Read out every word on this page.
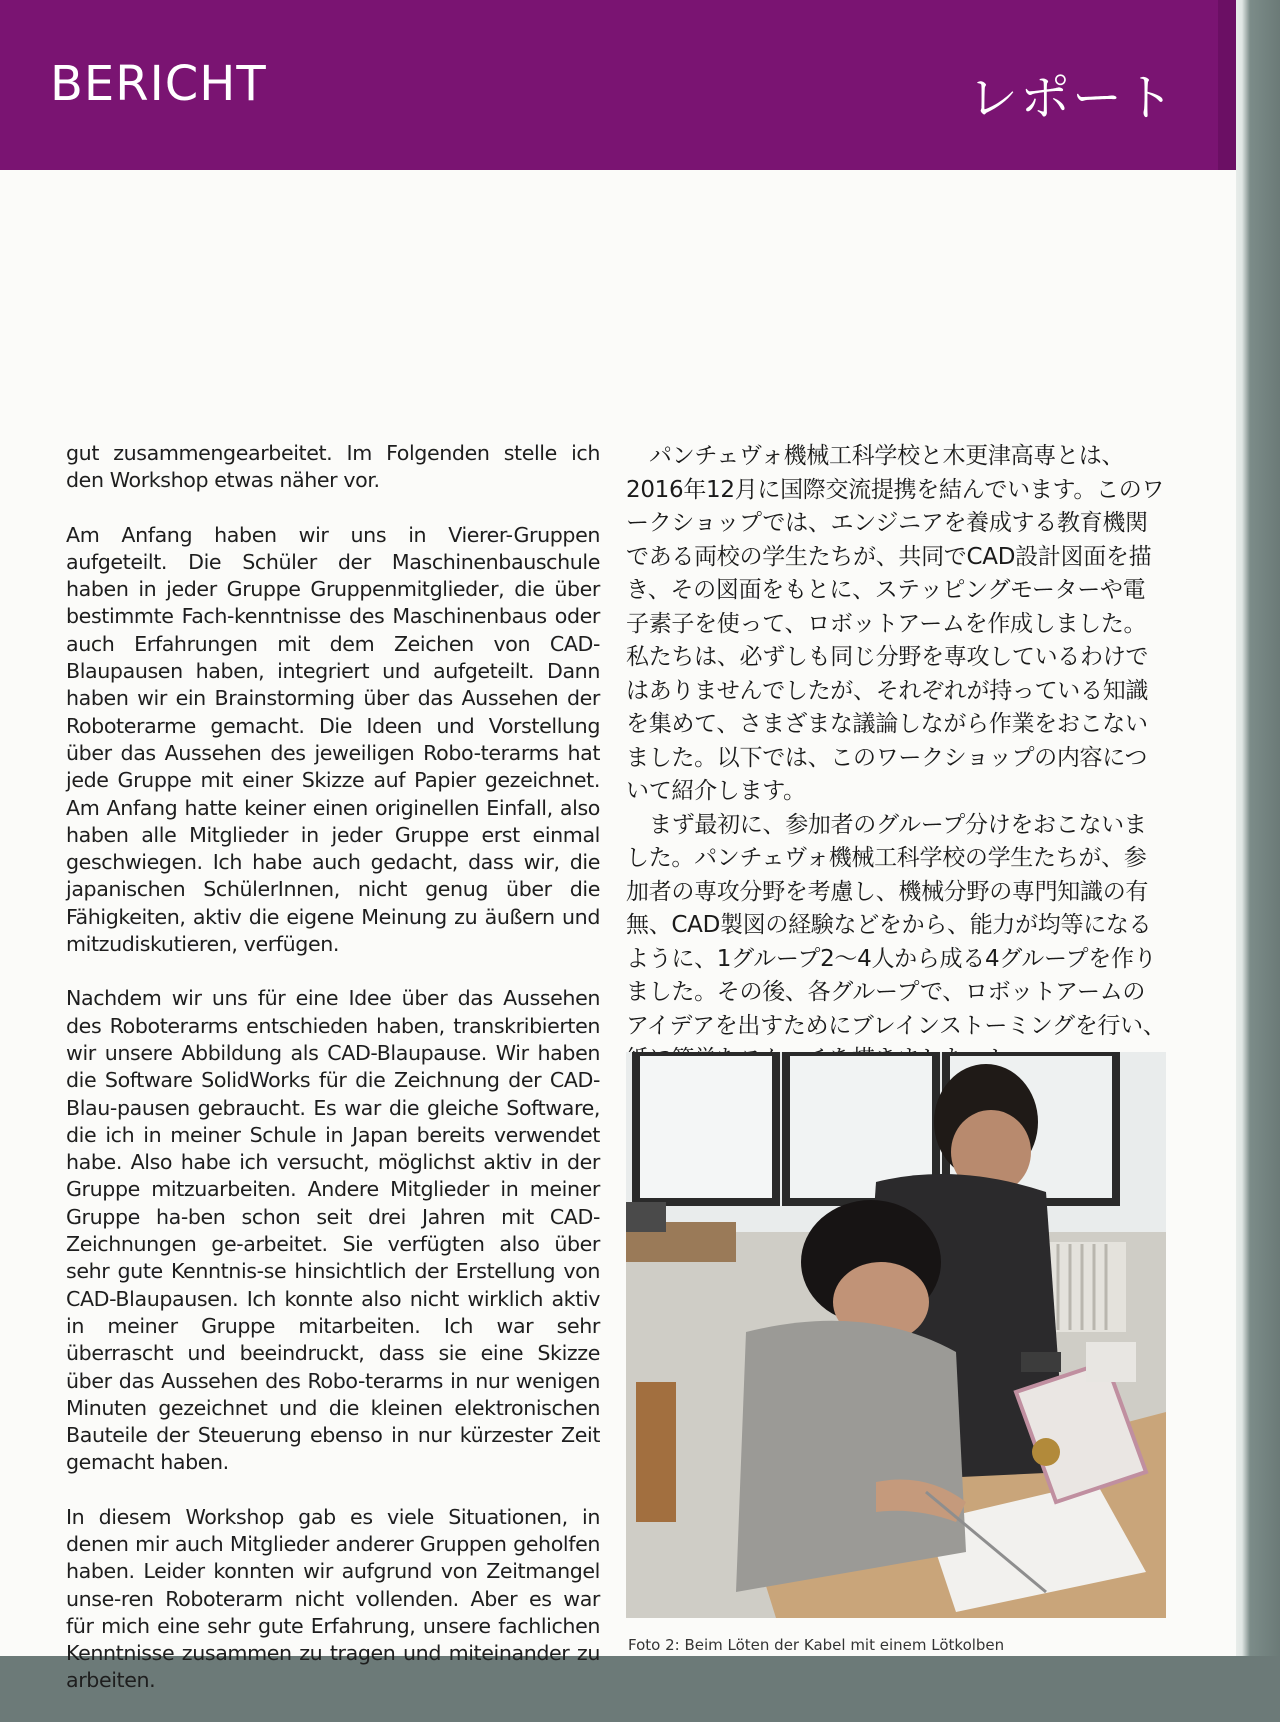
BERICHT	レポート

gut zusammengearbeitet. Im Folgenden stelle ich den Workshop etwas näher vor.

Am Anfang haben wir uns in Vierer-Gruppen aufgeteilt. Die Schüler der Maschinenbauschule haben in jeder Gruppe Gruppenmitglieder, die über bestimmte Fach-kenntnisse des Maschinenbaus oder auch Erfahrungen mit dem Zeichen von CAD-Blaupausen haben, integriert und aufgeteilt. Dann haben wir ein Brainstorming über das Aussehen der Roboterarme gemacht. Die Ideen und Vorstellung über das Aussehen des jeweiligen Robo-terarms hat jede Gruppe mit einer Skizze auf Papier gezeichnet. Am Anfang hatte keiner einen originellen Einfall, also haben alle Mitglieder in jeder Gruppe erst einmal geschwiegen. Ich habe auch gedacht, dass wir, die japanischen SchülerInnen, nicht genug über die Fähigkeiten, aktiv die eigene Meinung zu äußern und mitzudiskutieren, verfügen.

Nachdem wir uns für eine Idee über das Aussehen des Roboterarms entschieden haben, transkribierten wir unsere Abbildung als CAD-Blaupause. Wir haben die Software SolidWorks für die Zeichnung der CAD-Blau-pausen gebraucht. Es war die gleiche Software, die ich in meiner Schule in Japan bereits verwendet habe. Also habe ich versucht, möglichst aktiv in der Gruppe mitzuarbeiten. Andere Mitglieder in meiner Gruppe ha-ben schon seit drei Jahren mit CAD-Zeichnungen ge-arbeitet. Sie verfügten also über sehr gute Kenntnis-se hinsichtlich der Erstellung von CAD-Blaupausen. Ich konnte also nicht wirklich aktiv in meiner Gruppe mitarbeiten. Ich war sehr überrascht und beeindruckt, dass sie eine Skizze über das Aussehen des Robo-terarms in nur wenigen Minuten gezeichnet und die kleinen elektronischen Bauteile der Steuerung ebenso in nur kürzester Zeit gemacht haben.

In diesem Workshop gab es viele Situationen, in denen mir auch Mitglieder anderer Gruppen geholfen haben. Leider konnten wir aufgrund von Zeitmangel unse-ren Roboterarm nicht vollenden. Aber es war für mich eine sehr gute Erfahrung, unsere fachlichen Kenntnisse zusammen zu tragen und miteinander zu arbeiten.

パンチェヴォ機械工科学校と木更津高専とは、2016年12月に国際交流提携を結んでいます。このワークショップでは、エンジニアを養成する教育機関である両校の学生たちが、共同でCAD設計図面を描き、その図面をもとに、ステッピングモーターや電子素子を使って、ロボットアームを作成しました。私たちは、必ずしも同じ分野を専攻しているわけではありませんでしたが、それぞれが持っている知識を集めて、さまざまな議論しながら作業をおこないました。以下では、このワークショップの内容について紹介します。

まず最初に、参加者のグループ分けをおこないました。パンチェヴォ機械工科学校の学生たちが、参加者の専攻分野を考慮し、機械分野の専門知識の有無、CAD製図の経験などをから、能力が均等になるように、1グループ2〜4人から成る4グループを作りました。その後、各グループで、ロボットアームのアイデアを出すためにブレインストーミングを行い、

Foto 2: Beim Löten der Kabel mit einem Lötkolben
